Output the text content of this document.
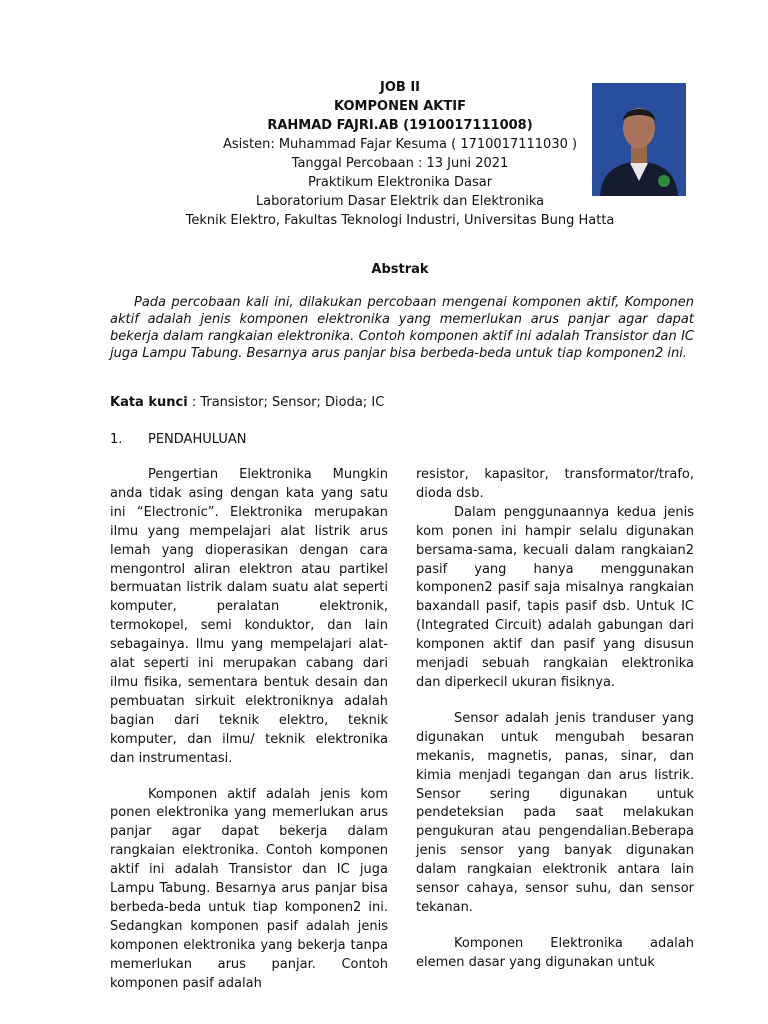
JOB II
KOMPONEN AKTIF
RAHMAD FAJRI.AB (1910017111008)
Asisten: Muhammad Fajar Kesuma ( 1710017111030 )
Tanggal Percobaan : 13 Juni 2021
Praktikum Elektronika Dasar
Laboratorium Dasar Elektrik dan Elektronika
Teknik Elektro, Fakultas Teknologi Industri, Universitas Bung Hatta
Abstrak
Pada percobaan kali ini, dilakukan percobaan mengenai komponen aktif, Komponen aktif adalah jenis komponen elektronika yang memerlukan arus panjar agar dapat bekerja dalam rangkaian elektronika. Contoh komponen aktif ini adalah Transistor dan IC juga Lampu Tabung. Besarnya arus panjar bisa berbeda-beda untuk tiap komponen2 ini.
Kata kunci : Transistor; Sensor; Dioda; IC
1. PENDAHULUAN

Pengertian Elektronika Mungkin anda tidak asing dengan kata yang satu ini “Electronic”. Elektronika merupakan ilmu yang mempelajari alat listrik arus lemah yang dioperasikan dengan cara mengontrol aliran elektron atau partikel bermuatan listrik dalam suatu alat seperti komputer, peralatan elektronik, termokopel, semi konduktor, dan lain sebagainya. Ilmu yang mempelajari alat-alat seperti ini merupakan cabang dari ilmu fisika, sementara bentuk desain dan pembuatan sirkuit elektroniknya adalah bagian dari teknik elektro, teknik komputer, dan ilmu/ teknik elektronika dan instrumentasi.

Komponen aktif adalah jenis kom ponen elektronika yang memerlukan arus panjar agar dapat bekerja dalam rangkaian elektronika. Contoh komponen aktif ini adalah Transistor dan IC juga Lampu Tabung. Besarnya arus panjar bisa berbeda-beda untuk tiap komponen2 ini. Sedangkan komponen pasif adalah jenis komponen elektronika yang bekerja tanpa memerlukan arus panjar. Contoh komponen pasif adalah

resistor, kapasitor, transformator/trafo, dioda dsb.

Dalam penggunaannya kedua jenis kom ponen ini hampir selalu digunakan bersama-sama, kecuali dalam rangkaian2 pasif yang hanya menggunakan komponen2 pasif saja misalnya rangkaian baxandall pasif, tapis pasif dsb. Untuk IC (Integrated Circuit) adalah gabungan dari komponen aktif dan pasif yang disusun menjadi sebuah rangkaian elektronika dan diperkecil ukuran fisiknya.

Sensor adalah jenis tranduser yang digunakan untuk mengubah besaran mekanis, magnetis, panas, sinar, dan kimia menjadi tegangan dan arus listrik. Sensor sering digunakan untuk pendeteksian pada saat melakukan pengukuran atau pengendalian.Beberapa jenis sensor yang banyak digunakan dalam rangkaian elektronik antara lain sensor cahaya, sensor suhu, dan sensor tekanan.

Komponen Elektronika adalah elemen dasar yang digunakan untuk
